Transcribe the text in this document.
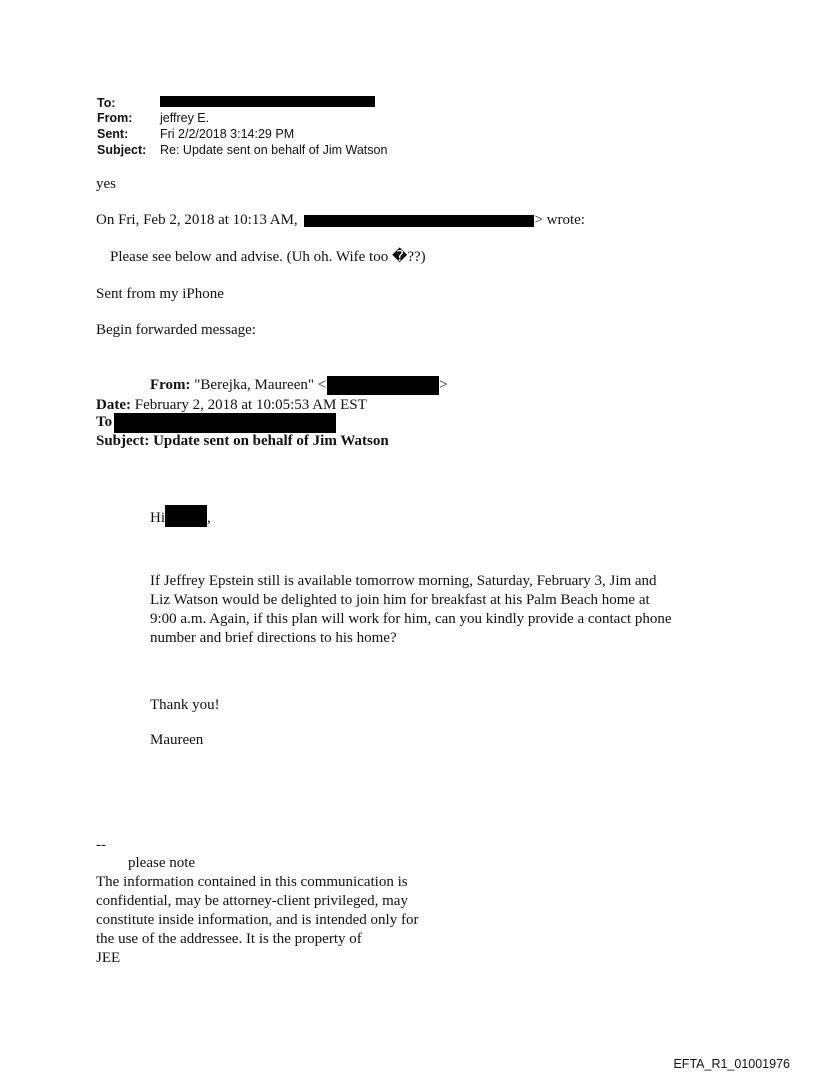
To:
From: jeffrey E.
Sent:	Fri 2/2/2018 3:14:29 PM
Subject: Re: Update sent on behalf of Jim Watson
yes
On Fri, Feb 2, 2018 at 10:13 AM,	> wrote:
Please see below and advise. (Uh oh. Wife too �??)
Sent from my iPhone
Begin forwarded message:
From: "Berejka, Maureen" <	>
Date: February 2, 2018 at 10:05:53 AM EST
To
Subject: Update sent on behalf of Jim Watson
Hi	,
If Jeffrey Epstein still is available tomorrow morning, Saturday, February 3, Jim and Liz Watson would be delighted to join him for breakfast at his Palm Beach home at 9:00 a.m. Again, if this plan will work for him, can you kindly provide a contact phone number and brief directions to his home?
Thank you!
Maureen
--
please note
The information contained in this communication is
confidential, may be attorney-client privileged, may
constitute inside information, and is intended only for
the use of the addressee. It is the property of
JEE
EFTA_R1_01001976
